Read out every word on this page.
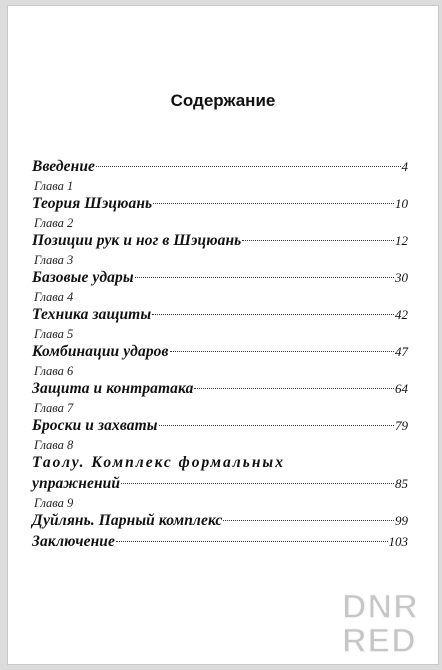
Содержание
Введение	4
Глава 1
Теория Шэцюань	10
Глава 2
Позиции рук и ног в Шэцюань	12
Глава 3
Базовые удары	30
Глава 4
Техника защиты	42
Глава 5
Комбинации ударов	47
Глава 6
Защита и контратака	64
Глава 7
Броски и захваты	79
Глава 8
Таолу. Комплекс формальных
упражнений	85
Глава 9
Дуйлянь. Парный комплекс	99
Заключение	103
DNR
RED
